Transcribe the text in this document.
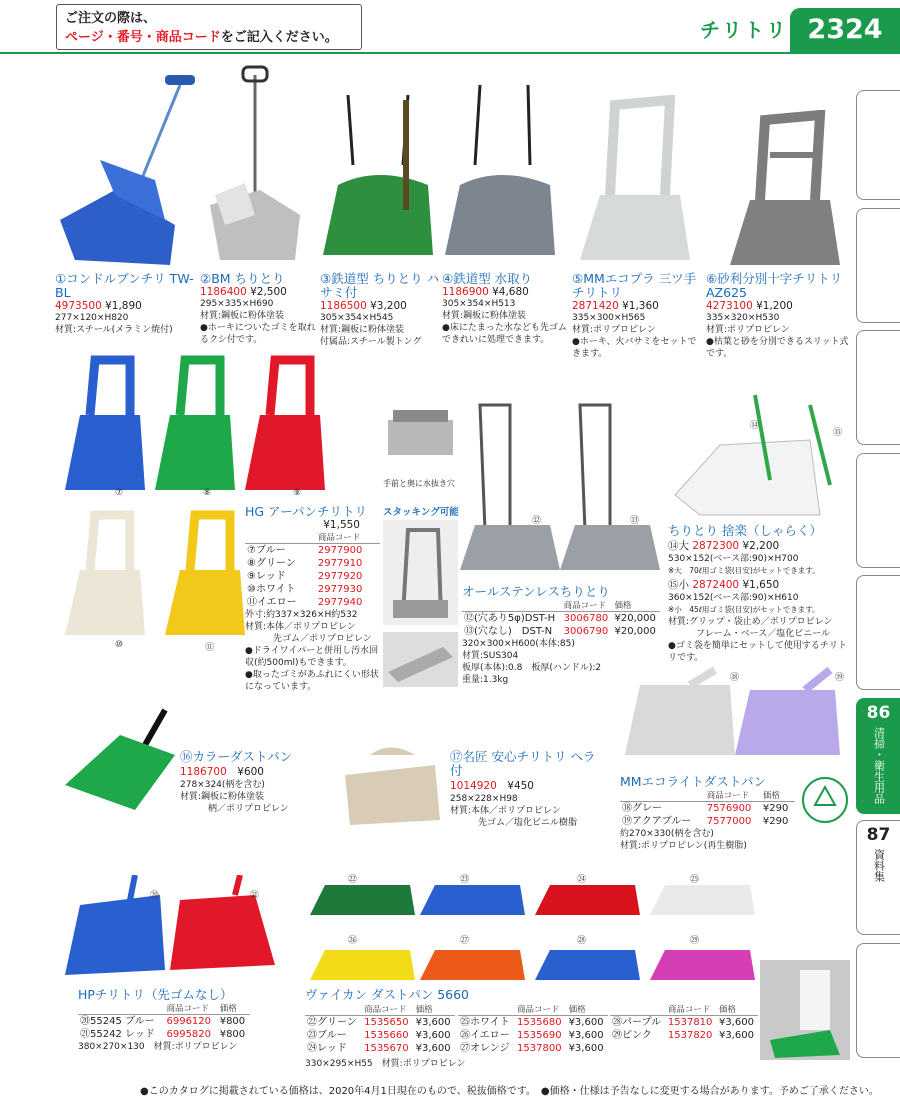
ご注文の際は、
ページ・番号・商品コードをご記入ください。	チリトリ 2324
86
清掃・衛生用品
87
資料集
①コンドルブンチリ TW-BL
4973500 ¥1,890
277×120×H820
材質:スチール(メラミン焼付)
②BM ちりとり
1186400 ¥2,500
295×335×H690
材質:鋼板に粉体塗装
●ホーキについたゴミを取れるクシ付です。
③鉄道型 ちりとり ハサミ付
1186500 ¥3,200
305×354×H545
材質:鋼板に粉体塗装
付属品:スチール製トング
④鉄道型 水取り
1186900 ¥4,680
305×354×H513
材質:鋼板に粉体塗装
●床にたまった水なども先ゴムできれいに処理できます。
⑤MMエコプラ 三ツ手チリトリ
2871420 ¥1,360
335×300×H565
材質:ポリプロピレン
●ホーキ、火バサミをセットできます。
⑥砂利分別十字チリトリ AZ625
4273100 ¥1,200
335×320×H530
材質:ポリプロピレン
●枯葉と砂を分別できるスリット式です。
⑦	⑧	⑨
⑩	⑪
HG アーパンチリトリ
¥1,550
	商品コード
⑦ブルー	2977900
⑧グリーン	2977910
⑨レッド	2977920
⑩ホワイト	2977930
⑪イエロー	2977940
外寸:約337×326×H約532
材質:本体／ポリプロピレン
先ゴム／ポリプロピレン
●ドライワイパーと併用し汚水回収(約500ml)もできます。
●取ったゴミがあふれにくい形状になっています。
手前と奥に水抜き穴
スタッキング可能
⑫	⑬
オールステンレスちりとり
	商品コード	価格
⑫(穴あり5φ)DST-H	3006780	¥20,000
⑬(穴なし)　DST-N	3006790	¥20,000
320×300×H600(本体:85)
材質:SUS304
板厚(本体):0.8　板厚(ハンドル):2
重量:1.3kg
⑭
⑮
ちりとり 捨楽（しゃらく）
⑭大 2872300 ¥2,200
530×152(ベース部:90)×H700
※大　70ℓ用ゴミ袋(目安)がセットできます。
⑮小 2872400 ¥1,650
360×152(ベース部:90)×H610
※小　45ℓ用ゴミ袋(目安)がセットできます。
材質:グリップ・袋止め／ポリプロピレン
フレーム・ベース／塩化ビニール
●ゴミ袋を簡単にセットして使用するチリトリです。
⑯カラーダストパン
1186700　 ¥600
278×324(柄を含む)
材質:鋼板に粉体塗装
柄／ポリプロピレン
⑰名匠 安心チリトリ へラ付
1014920　 ¥450
258×228×H98
材質:本体／ポリプロピレン
先ゴム／塩化ビニル樹脂
⑱	⑲
MMエコライトダストパン
	商品コード	価格
⑱グレー	7576900	¥290
⑲アクアブルー	7577000	¥290
約270×330(柄を含む)
材質:ポリプロピレン(再生樹脂)
⑳	㉑
HPチリトリ（先ゴムなし）
	商品コード	価格
⑳55245 ブルー	6996120	¥800
㉑55242 レッド	6995820	¥800
380×270×130　材質:ポリプロピレン
㉒	㉓	㉔	㉕
㉖	㉗	㉘	㉙
ヴァイカン ダストパン 5660
	商品コード	価格
㉒グリーン	1535650	¥3,600
㉓ブルー	1535660	¥3,600
㉔レッド	1535670	¥3,600
	商品コード	価格
㉕ホワイト	1535680	¥3,600
㉖イエロー	1535690	¥3,600
㉗オレンジ	1537800	¥3,600
	商品コード	価格
㉘パープル	1537810	¥3,600
㉙ピンク	1537820	¥3,600
330×295×H55　材質:ポリプロピレン
●このカタログに掲載されている価格は、2020年4月1日現在のもので、税抜価格です。　●価格・仕様は予告なしに変更する場合があります。予めご了承ください。
